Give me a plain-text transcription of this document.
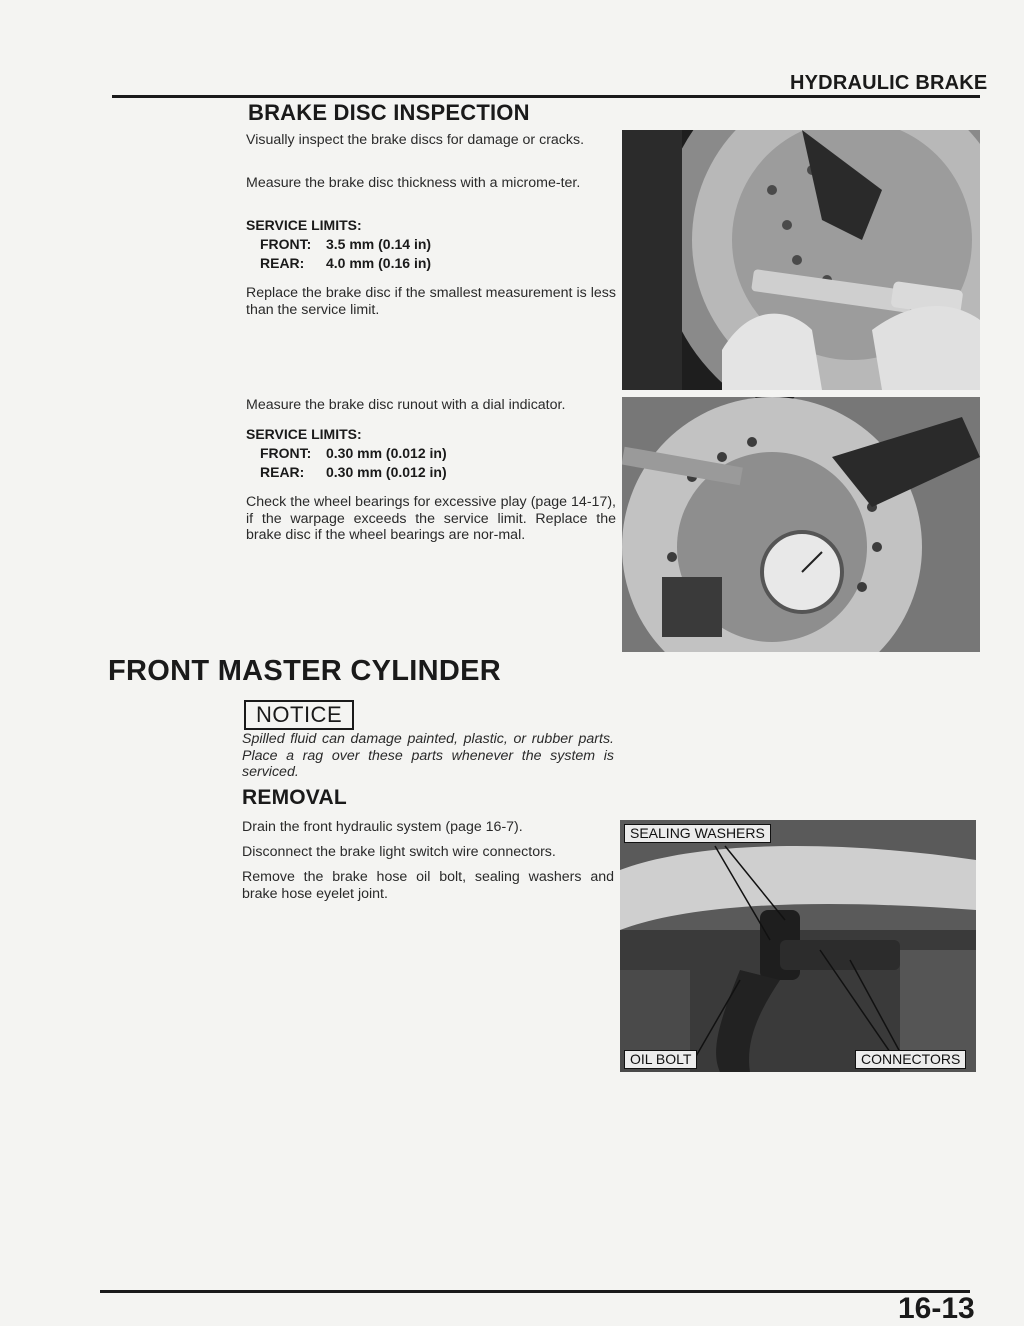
HYDRAULIC BRAKE
BRAKE DISC INSPECTION
Visually inspect the brake discs for damage or cracks.
Measure the brake disc thickness with a microme-ter.
SERVICE LIMITS:
FRONT: 3.5 mm (0.14 in)
REAR: 4.0 mm (0.16 in)
Replace the brake disc if the smallest measurement is less than the service limit.
Measure the brake disc runout with a dial indicator.
SERVICE LIMITS:
FRONT: 0.30 mm (0.012 in)
REAR: 0.30 mm (0.012 in)
Check the wheel bearings for excessive play (page 14-17), if the warpage exceeds the service limit. Replace the brake disc if the wheel bearings are nor-mal.
FRONT MASTER CYLINDER
NOTICE
Spilled fluid can damage painted, plastic, or rubber parts. Place a rag over these parts whenever the system is serviced.
REMOVAL
Drain the front hydraulic system (page 16-7).
Disconnect the brake light switch wire connectors.
Remove the brake hose oil bolt, sealing washers and brake hose eyelet joint.
SEALING WASHERS
OIL BOLT	CONNECTORS
16-13
